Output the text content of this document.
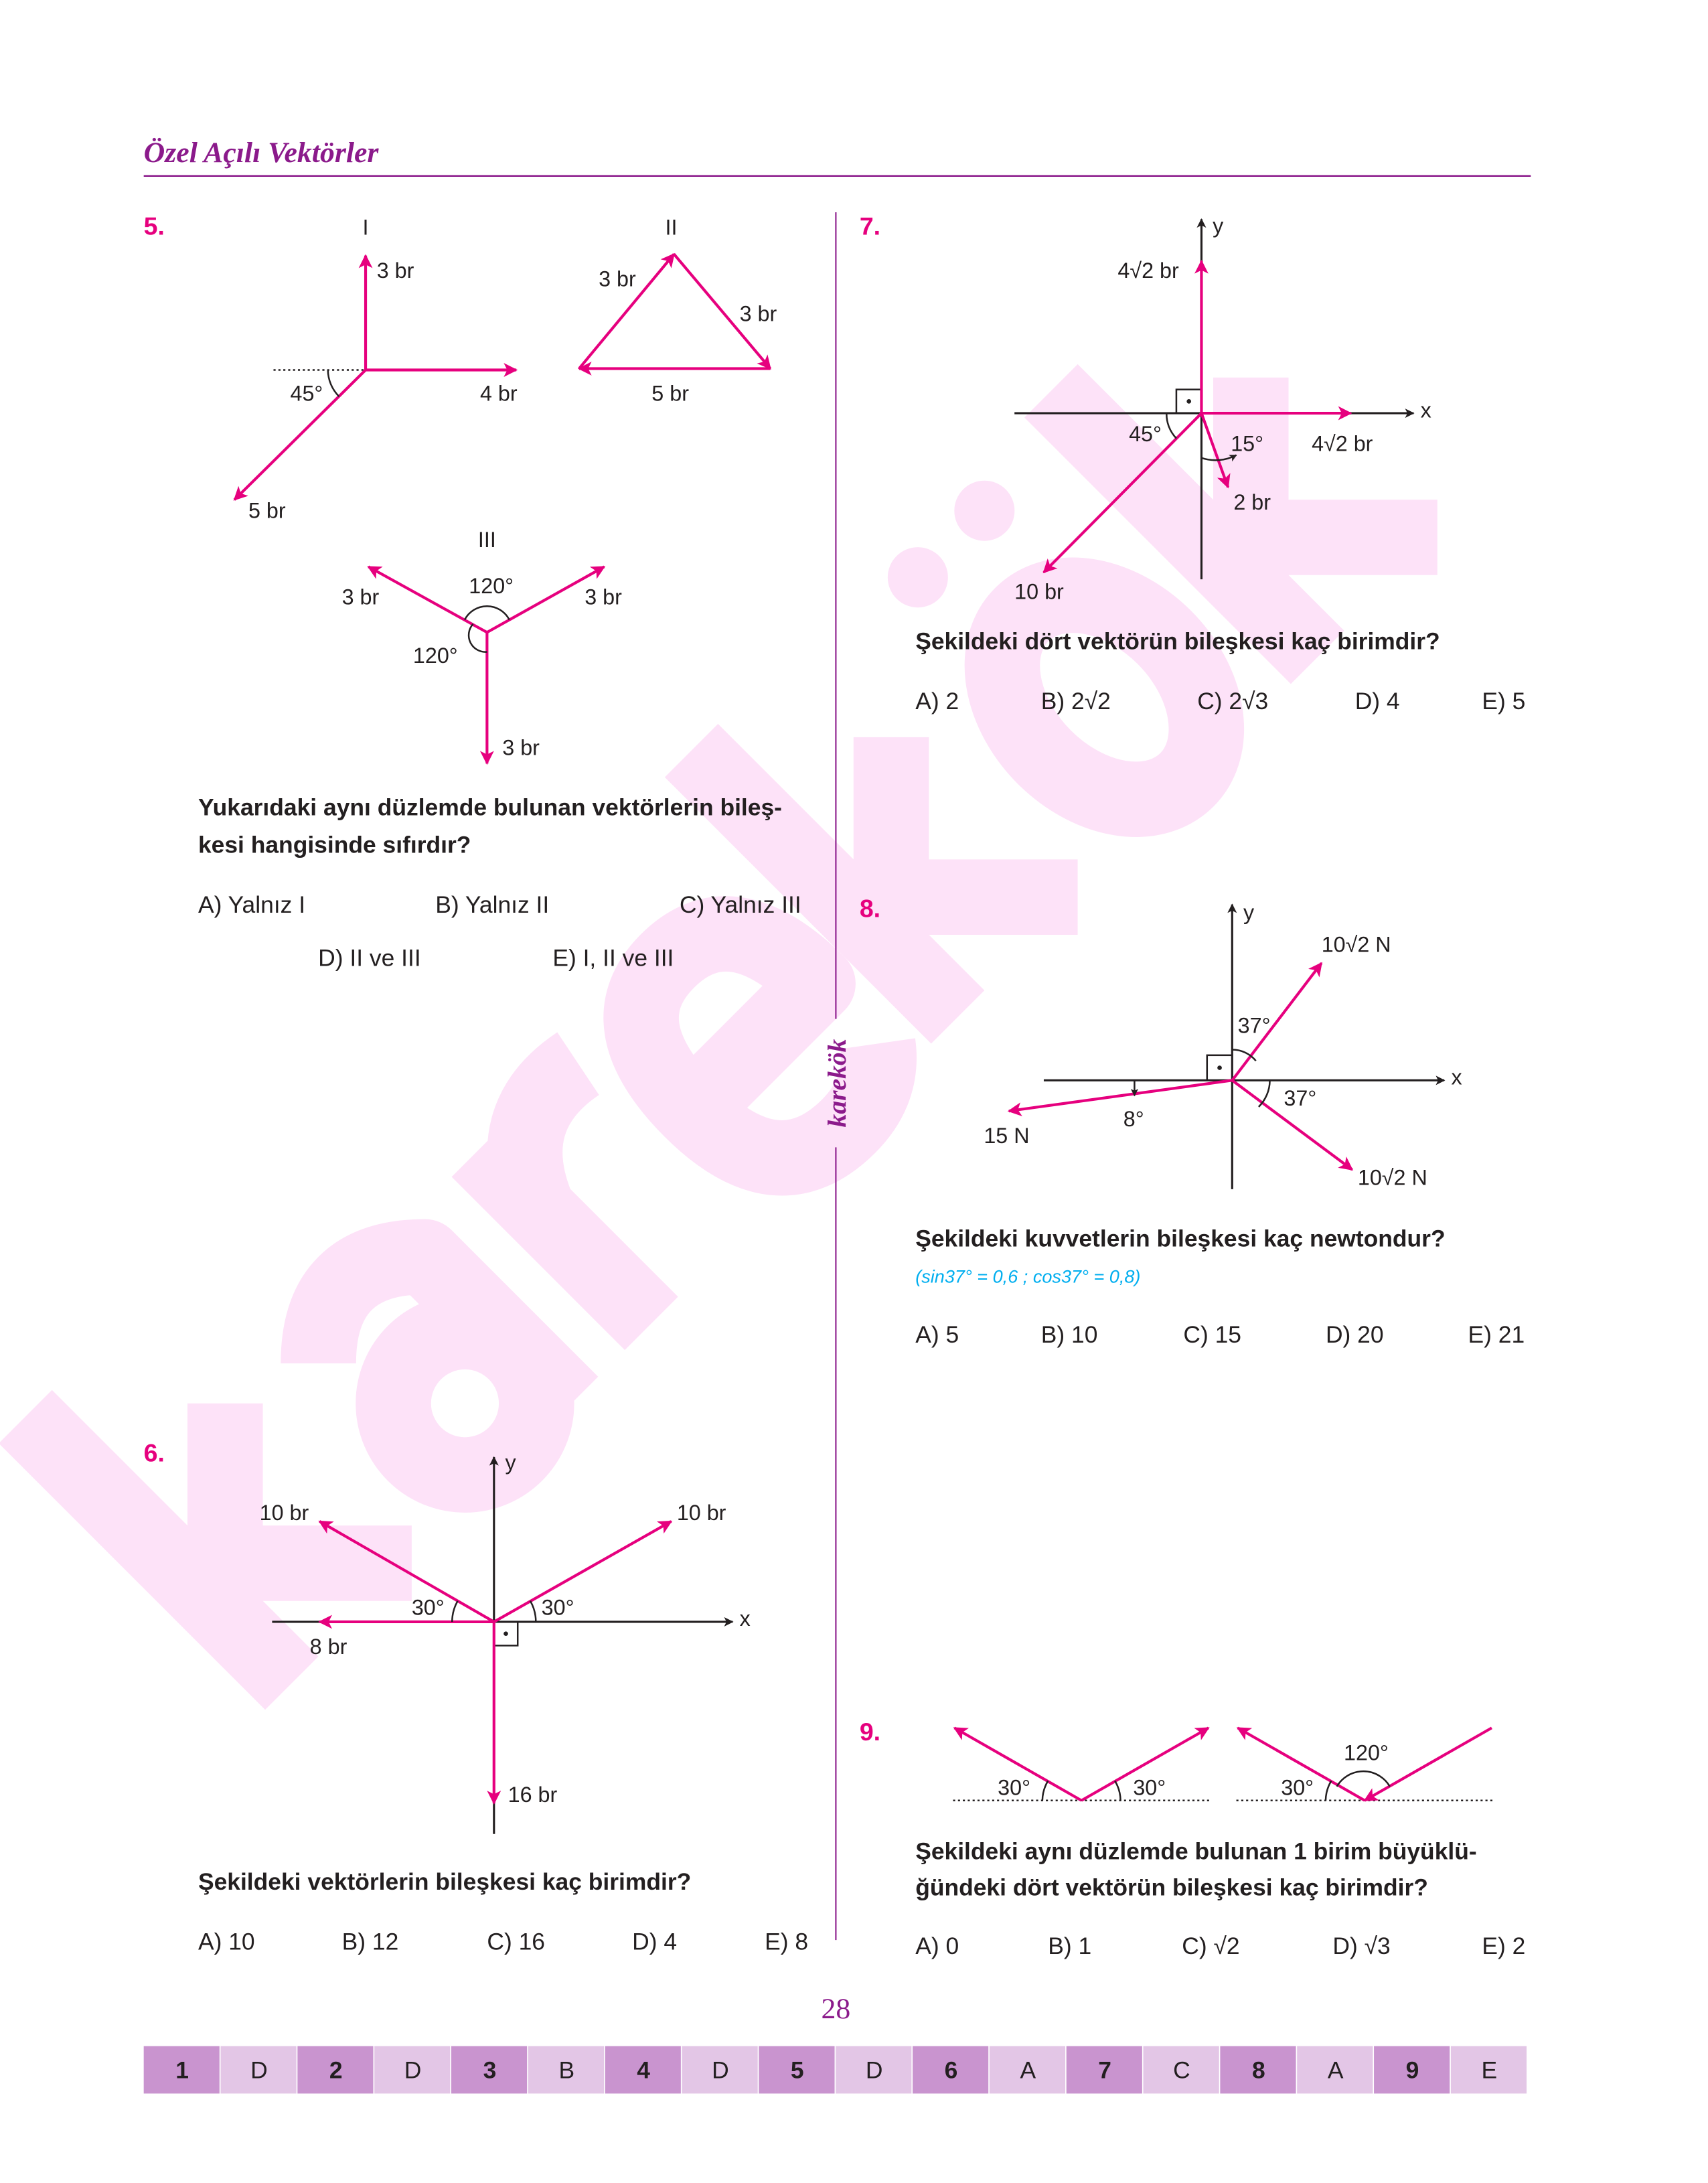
Özel Açılı Vektörler
karekök
5.	I
3 br
4 br
5 br
45°
II
3 br
3 br
5 br
III
3 br	3 br
3 br
120°
120°
Yukarıdaki aynı düzlemde bulunan vektörlerin bileş-
kesi hangisinde sıfırdır?
A) Yalnız I	B) Yalnız II	C) Yalnız III
D) II ve III	E) I, II ve III
6.
x
y
10 br	10 br
8 br
16 br
30°	30°
Şekildeki vektörlerin bileşkesi kaç birimdir?
A) 10	B) 12	C) 16	D) 4	E) 8
7.
x
y
4√2 br
4√2 br
10 br
2 br
45°	15°
Şekildeki dört vektörün bileşkesi kaç birimdir?
A) 2	B) 2√2	C) 2√3	D) 4	E) 5
8.
x
y
10√2 N
10√2 N
15 N
37°
37°
8°
Şekildeki kuvvetlerin bileşkesi kaç newtondur?
(sin37° = 0,6 ; cos37° = 0,8)
A) 5	B) 10	C) 15	D) 20	E) 21
9.
30°	30°	30°
120°
Şekildeki aynı düzlemde bulunan 1 birim büyüklü-
ğündeki dört vektörün bileşkesi kaç birimdir?
A) 0	B) 1	C) √2	D) √3	E) 2
28
1	D	2	D	3	B	4	D	5	D	6	A	7	C	8	A	9	E
